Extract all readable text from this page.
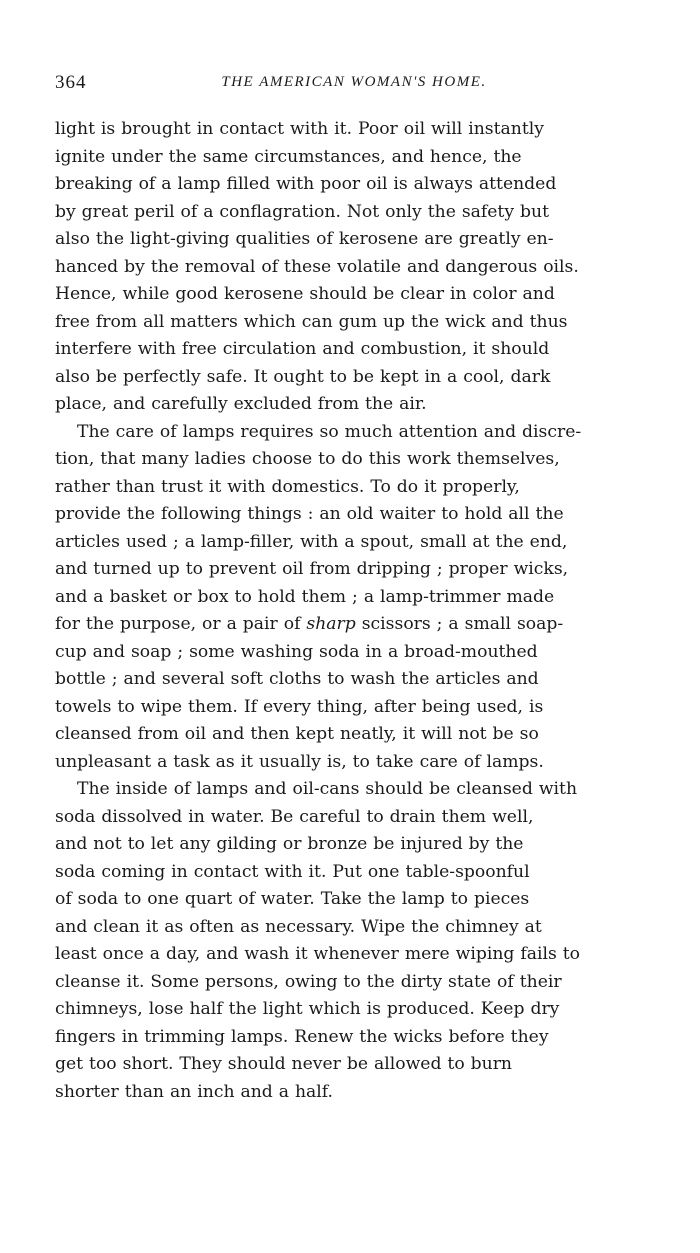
364	THE AMERICAN WOMAN'S HOME.
light is brought in contact with it. Poor oil will instantly
ignite under the same circumstances, and hence, the
breaking of a lamp filled with poor oil is always attended
by great peril of a conflagration. Not only the safety but
also the light-giving qualities of kerosene are greatly en-
hanced by the removal of these volatile and dangerous oils.
Hence, while good kerosene should be clear in color and
free from all matters which can gum up the wick and thus
interfere with free circulation and combustion, it should
also be perfectly safe. It ought to be kept in a cool, dark
place, and carefully excluded from the air.
The care of lamps requires so much attention and discre-
tion, that many ladies choose to do this work themselves,
rather than trust it with domestics. To do it properly,
provide the following things : an old waiter to hold all the
articles used ; a lamp-filler, with a spout, small at the end,
and turned up to prevent oil from dripping ; proper wicks,
and a basket or box to hold them ; a lamp-trimmer made
for the purpose, or a pair of sharp scissors ; a small soap-
cup and soap ; some washing soda in a broad-mouthed
bottle ; and several soft cloths to wash the articles and
towels to wipe them. If every thing, after being used, is
cleansed from oil and then kept neatly, it will not be so
unpleasant a task as it usually is, to take care of lamps.
The inside of lamps and oil-cans should be cleansed with
soda dissolved in water. Be careful to drain them well,
and not to let any gilding or bronze be injured by the
soda coming in contact with it. Put one table-spoonful
of soda to one quart of water. Take the lamp to pieces
and clean it as often as necessary. Wipe the chimney at
least once a day, and wash it whenever mere wiping fails to
cleanse it. Some persons, owing to the dirty state of their
chimneys, lose half the light which is produced. Keep dry
fingers in trimming lamps. Renew the wicks before they
get too short. They should never be allowed to burn
shorter than an inch and a half.
